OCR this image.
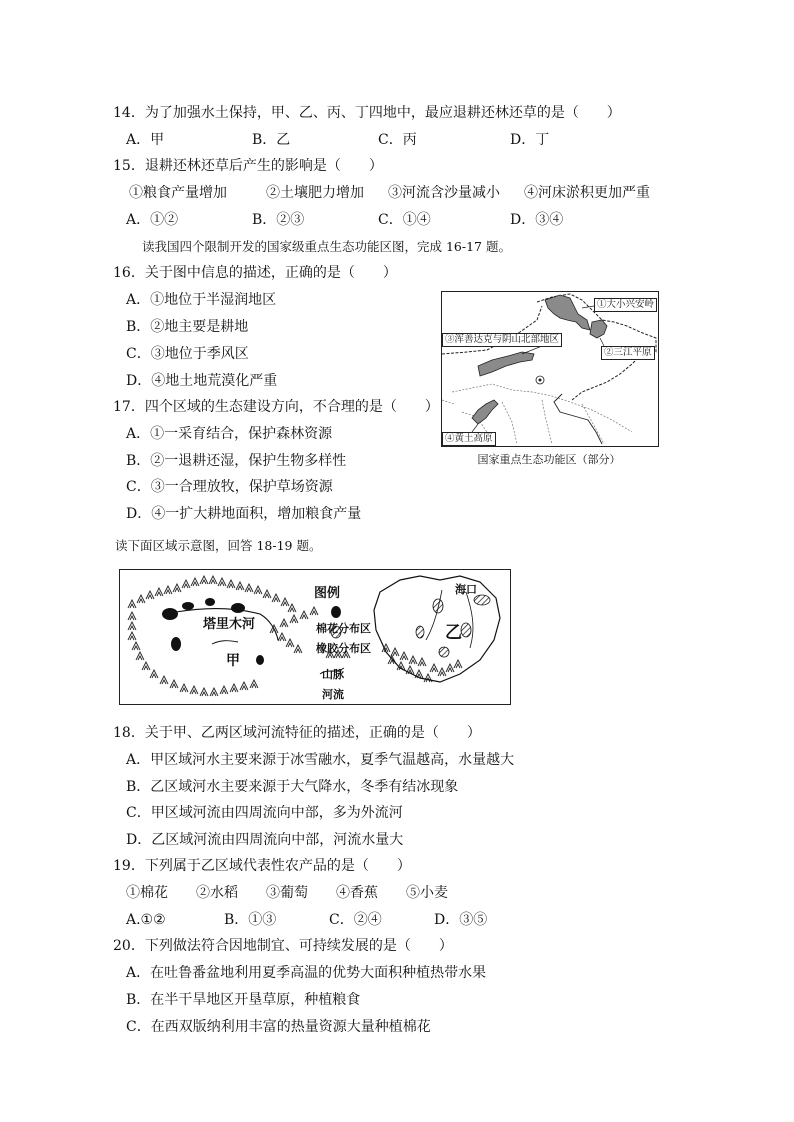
14．为了加强水土保持，甲、乙、丙、丁四地中，最应退耕还林还草的是（　　）
A．甲	B．乙	C．丙	D．丁
15．退耕还林还草后产生的影响是（　　）
①粮食产量增加	②土壤肥力增加 ③河流含沙量减小 ④河床淤积更加严重
A．①②	B．②③	C．①④	D．③④
读我国四个限制开发的国家级重点生态功能区图，完成 16-17 题。
16．关于图中信息的描述，正确的是（　　）
A．①地位于半湿润地区
B．②地主要是耕地
C．③地位于季风区
D．④地土地荒漠化严重
17．四个区域的生态建设方向，不合理的是（　　）
A．①一采育结合，保护森林资源
B．②一退耕还湿，保护生物多样性
C．③一合理放牧，保护草场资源
D．④一扩大耕地面积，增加粮食产量
①大小兴安岭
③浑善达克与阴山北部地区
②三江平原
④黄土高原
国家重点生态功能区（部分）
读下面区域示意图，回答 18-19 题。
塔里木河
甲
乙
海口
图例
棉花分布区
橡胶分布区
山脉
河流
18．关于甲、乙两区域河流特征的描述，正确的是（　　）
A．甲区域河水主要来源于冰雪融水，夏季气温越高，水量越大
B．乙区域河水主要来源于大气降水，冬季有结冰现象
C．甲区域河流由四周流向中部，多为外流河
D．乙区域河流由四周流向中部，河流水量大
19．下列属于乙区域代表性农产品的是（　　）
①棉花 ②水稻 ③葡萄 ④香蕉 ⑤小麦
A.①②	B．①③	C．②④	D．③⑤
20．下列做法符合因地制宜、可持续发展的是（　　）
A．在吐鲁番盆地利用夏季高温的优势大面积种植热带水果
B．在半干旱地区开垦草原，种植粮食
C．在西双版纳利用丰富的热量资源大量种植棉花
